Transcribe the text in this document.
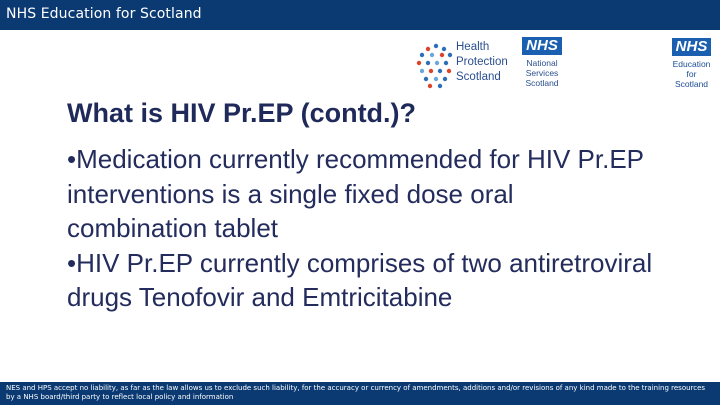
NHS Education for Scotland
Health
Protection
Scotland
NHS
National
Services
Scotland
NHS
Education
for
Scotland
What is HIV Pr.EP (contd.)?
•Medication currently recommended for HIV Pr.EP interventions is a single fixed dose oral combination tablet
•HIV Pr.EP currently comprises of two antiretroviral drugs Tenofovir and Emtricitabine
NES and HPS accept no liability, as far as the law allows us to exclude such liability, for the accuracy or currency of amendments, additions and/or revisions of any kind made to the training resources by a NHS board/third party to reflect local policy and information
